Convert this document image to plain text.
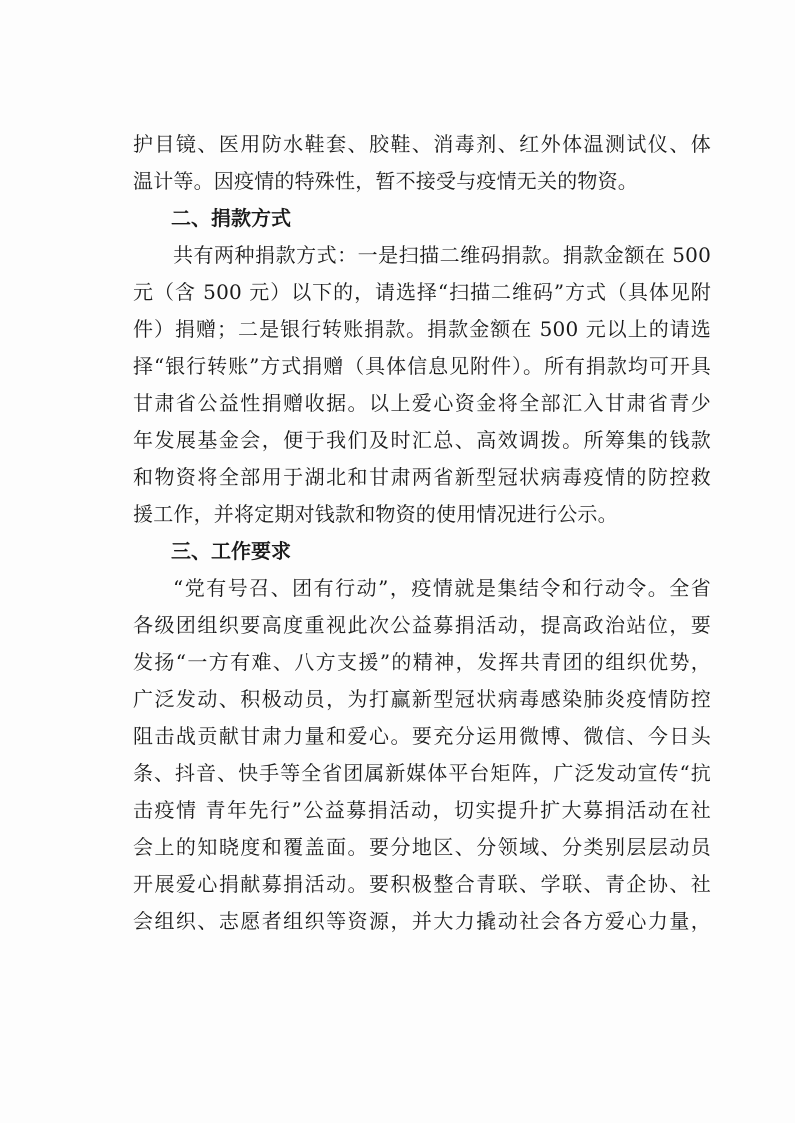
护目镜、医用防水鞋套、胶鞋、消毒剂、红外体温测试仪、体
温计等。因疫情的特殊性，暂不接受与疫情无关的物资。
二、捐款方式
共有两种捐款方式：一是扫描二维码捐款。捐款金额在 500
元（含 500 元）以下的，请选择“扫描二维码”方式（具体见附
件）捐赠；二是银行转账捐款。捐款金额在 500 元以上的请选
择“银行转账”方式捐赠（具体信息见附件）。所有捐款均可开具
甘肃省公益性捐赠收据。以上爱心资金将全部汇入甘肃省青少
年发展基金会，便于我们及时汇总、高效调拨。所筹集的钱款
和物资将全部用于湖北和甘肃两省新型冠状病毒疫情的防控救
援工作，并将定期对钱款和物资的使用情况进行公示。
三、工作要求
“党有号召、团有行动”，疫情就是集结令和行动令。全省
各级团组织要高度重视此次公益募捐活动，提高政治站位，要
发扬“一方有难、八方支援”的精神，发挥共青团的组织优势，
广泛发动、积极动员，为打赢新型冠状病毒感染肺炎疫情防控
阻击战贡献甘肃力量和爱心。要充分运用微博、微信、今日头
条、抖音、快手等全省团属新媒体平台矩阵，广泛发动宣传“抗
击疫情 青年先行”公益募捐活动，切实提升扩大募捐活动在社
会上的知晓度和覆盖面。要分地区、分领域、分类别层层动员
开展爱心捐献募捐活动。要积极整合青联、学联、青企协、社
会组织、志愿者组织等资源，并大力撬动社会各方爱心力量，
